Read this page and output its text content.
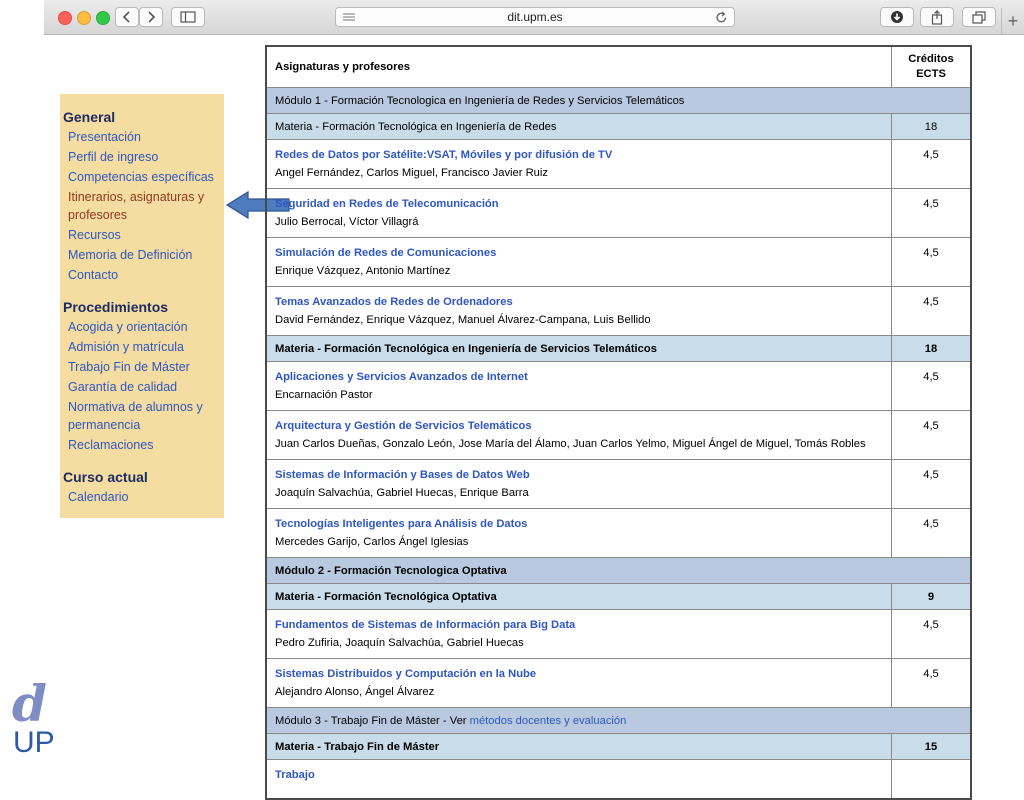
dit.upm.es	+
d
UP
General
Presentación
Perfil de ingreso
Competencias específicas
Itinerarios, asignaturas y profesores
Recursos
Memoria de Definición
Contacto
Procedimientos
Acogida y orientación
Admisión y matrícula
Trabajo Fin de Máster
Garantía de calidad
Normativa de alumnos y permanencia
Reclamaciones
Curso actual
Calendario
Asignaturas y profesores	Créditos
ECTS
Módulo 1 - Formación Tecnologica en Ingeniería de Redes y Servicios Telemáticos	
Materia - Formación Tecnológica en Ingeniería de Redes	18

Redes de Datos por Satélite:VSAT, Móviles y por difusión de TV
Angel Fernández, Carlos Miguel, Francisco Javier Ruiz	4,5

Seguridad en Redes de Telecomunicación
Julio Berrocal, Víctor Villagrá	4,5

Simulación de Redes de Comunicaciones
Enrique Vázquez, Antonio Martínez	4,5

Temas Avanzados de Redes de Ordenadores
David Fernández, Enrique Vázquez, Manuel Álvarez-Campana, Luis Bellido	4,5
Materia - Formación Tecnológica en Ingeniería de Servicios Telemáticos	18

Aplicaciones y Servicios Avanzados de Internet
Encarnación Pastor	4,5

Arquitectura y Gestión de Servicios Telemáticos
Juan Carlos Dueñas, Gonzalo León, Jose María del Álamo, Juan Carlos Yelmo, Miguel Ángel de Miguel, Tomás Robles	4,5

Sistemas de Información y Bases de Datos Web
Joaquín Salvachúa, Gabriel Huecas, Enrique Barra	4,5

Tecnologías Inteligentes para Análisis de Datos
Mercedes Garijo, Carlos Ángel Iglesias	4,5
Módulo 2 - Formación Tecnologica Optativa	
Materia - Formación Tecnológica Optativa	9

Fundamentos de Sistemas de Información para Big Data
Pedro Zufiria, Joaquín Salvachúa, Gabriel Huecas	4,5

Sistemas Distribuidos y Computación en la Nube
Alejandro Alonso, Ángel Álvarez	4,5
Módulo 3 - Trabajo Fin de Máster - Ver métodos docentes y evaluación	
Materia - Trabajo Fin de Máster	15

Trabajo	
